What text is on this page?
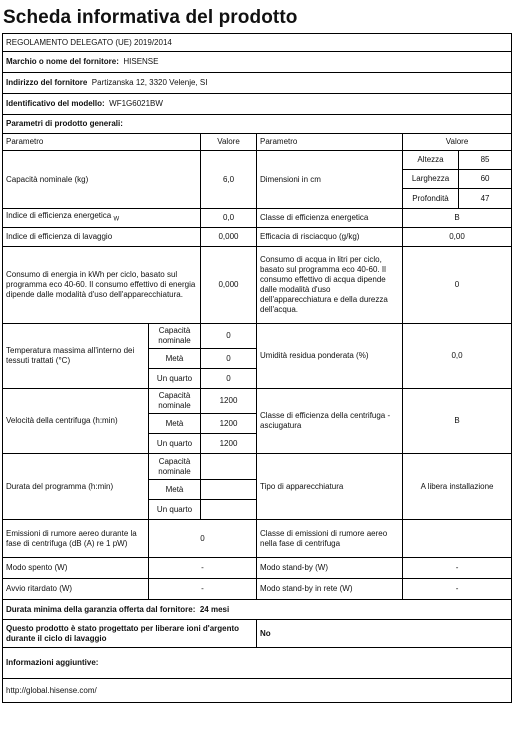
Scheda informativa del prodotto
REGOLAMENTO DELEGATO (UE) 2019/2014					
Marchio o nome del fornitore: HISENSE					
Indirizzo del fornitore Partizanska 12, 3320 Velenje, SI					
Identificativo del modello: WF1G6021BW					
Parametri di prodotto generali:					
Parametro		Valore	Parametro	Valore	
Capacità nominale (kg)		6,0	Dimensioni in cm	Altezza	85
				Larghezza	60
				Profondità	47
Indice di efficienza energetica $_W$		0,0	Classe di efficienza energetica	B	
Indice di efficienza di lavaggio		0,000	Efficacia di risciacquo (g/kg)	0,00	
Consumo di energia in kWh per ciclo, basato sul programma eco 40-60. Il consumo effettivo di energia dipende dalle modalità d'uso dell'apparecchiatura.		0,000	Consumo di acqua in litri per ciclo, basato sul programma eco 40-60. Il consumo effettivo di acqua dipende dalle modalità d'uso dell'apparecchiatura e della durezza dell'acqua.	0	
Temperatura massima all'interno dei tessuti trattati (°C)	Capacità nominale	0	Umidità residua ponderata (%)	0,0	
	Metà	0			
	Un quarto	0			
Velocità della centrifuga (h:min)	Capacità nominale	1200	Classe di efficienza della centrifuga -asciugatura	B	
	Metà	1200			
	Un quarto	1200			
Durata del programma (h:min)	Capacità nominale		Tipo di apparecchiatura	A libera installazione	
	Metà				
	Un quarto				
Emissioni di rumore aereo durante la fase di centrifuga (dB (A) re 1 pW)	0		Classe di emissioni di rumore aereo nella fase di centrifuga		
Modo spento (W)	-		Modo stand-by (W)	-	
Avvio ritardato (W)	-		Modo stand-by in rete (W)	-	
Durata minima della garanzia offerta dal fornitore: 24 mesi					
Questo prodotto è stato progettato per liberare ioni d'argento durante il ciclo di lavaggio			No		
Informazioni aggiuntive:					
http://global.hisense.com/					
